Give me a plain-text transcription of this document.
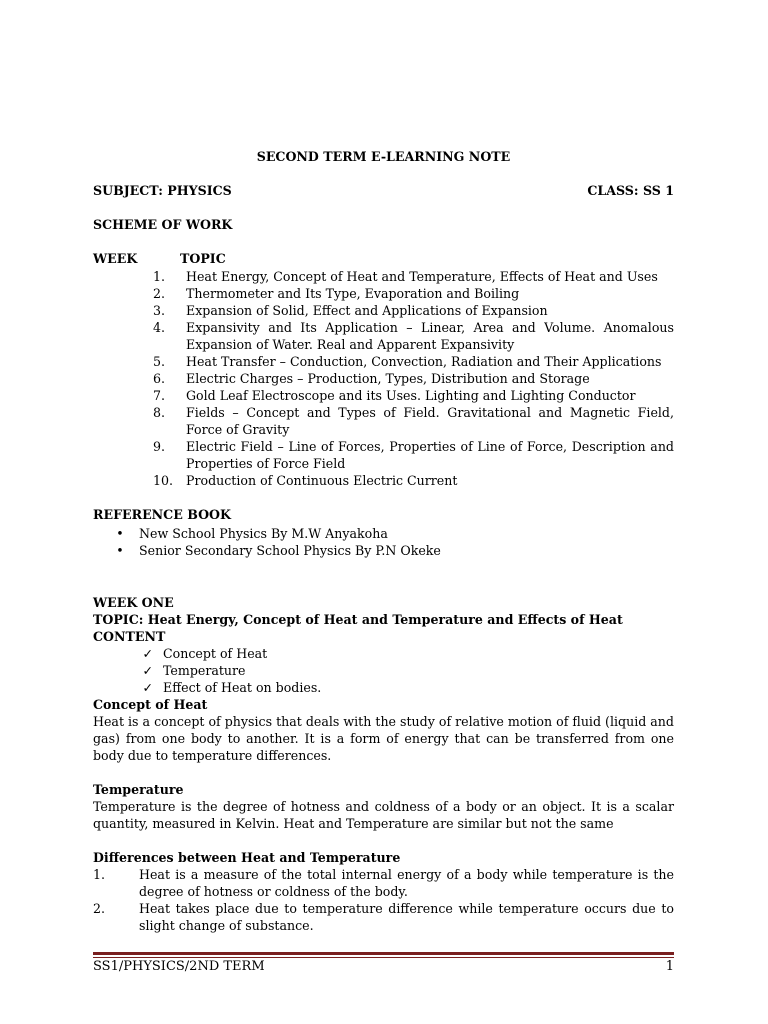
SECOND TERM E-LEARNING NOTE
SUBJECT: PHYSICS	CLASS: SS 1
SCHEME OF WORK
WEEK	TOPIC
1.	Heat Energy, Concept of Heat and Temperature, Effects of Heat and Uses
2.	Thermometer and Its Type, Evaporation and Boiling
3.	Expansion of Solid, Effect and Applications of Expansion
4.	Expansivity and Its Application – Linear, Area and Volume. Anomalous Expansion of Water. Real and Apparent Expansivity
5.	Heat Transfer – Conduction, Convection, Radiation and Their Applications
6.	Electric Charges – Production, Types, Distribution and Storage
7.	Gold Leaf Electroscope and its Uses. Lighting and Lighting Conductor
8.	Fields – Concept and Types of Field. Gravitational and Magnetic Field, Force of Gravity
9.	Electric Field – Line of Forces, Properties of Line of Force, Description and Properties of Force Field
10.	Production of Continuous Electric Current
REFERENCE BOOK
•	New School Physics By M.W Anyakoha
•	Senior Secondary School Physics By P.N Okeke
WEEK ONE
TOPIC: Heat Energy, Concept of Heat and Temperature and Effects of Heat
CONTENT
✓ Concept of Heat
✓ Temperature
✓ Effect of Heat on bodies.
Concept of Heat
Heat is a concept of physics that deals with the study of relative motion of fluid (liquid and gas) from one body to another. It is a form of energy that can be transferred from one body due to temperature differences.
Temperature
Temperature is the degree of hotness and coldness of a body or an object. It is a scalar quantity, measured in Kelvin. Heat and Temperature are similar but not the same
Differences between Heat and Temperature
1.	Heat is a measure of the total internal energy of a body while temperature is the degree of hotness or coldness of the body.
2.	Heat takes place due to temperature difference while temperature occurs due to slight change of substance.
SS1/PHYSICS/2ND TERM	1
